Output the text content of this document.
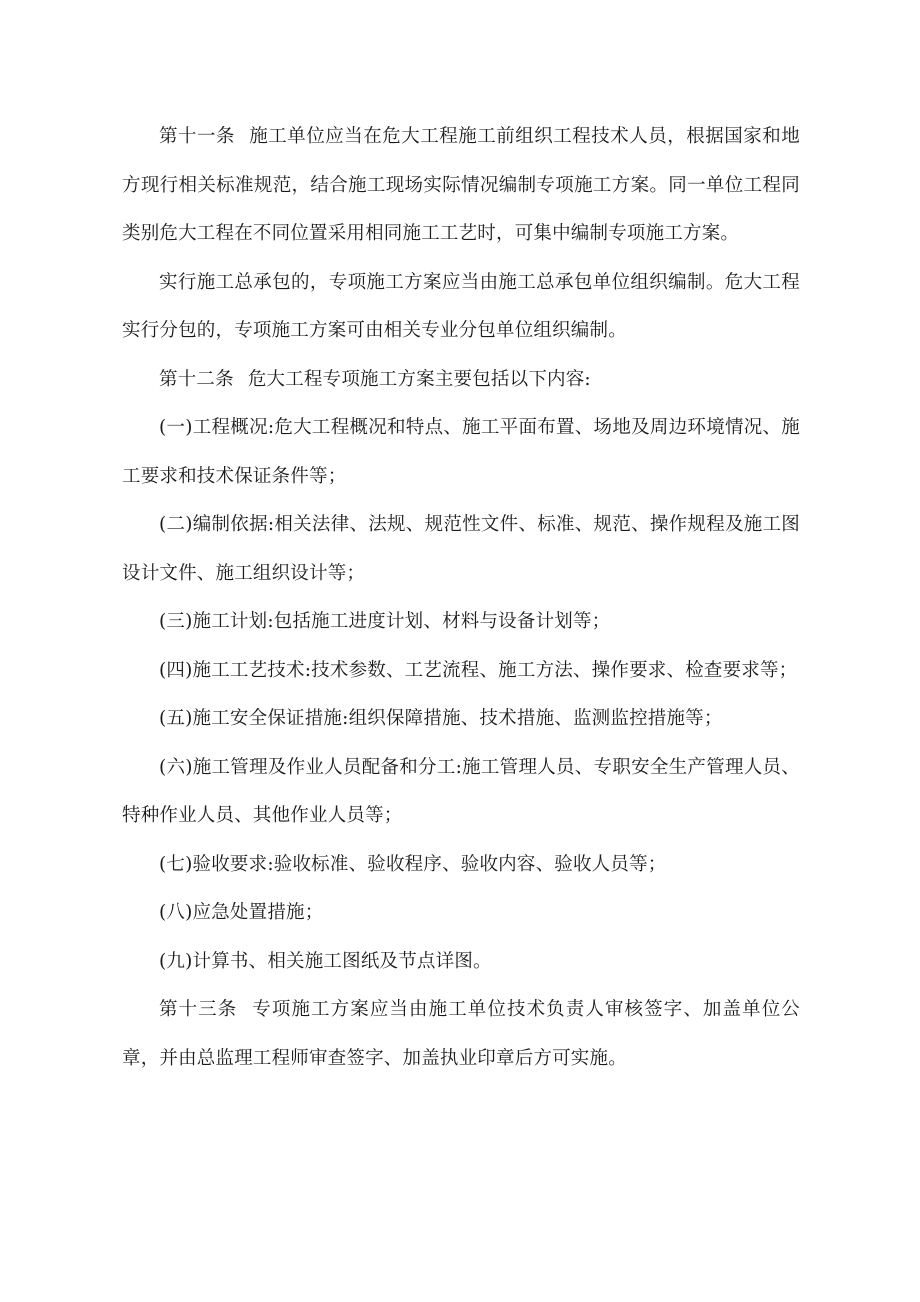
第十一条 施工单位应当在危大工程施工前组织工程技术人员，根据国家和地方现行相关标准规范，结合施工现场实际情况编制专项施工方案。同一单位工程同类别危大工程在不同位置采用相同施工工艺时，可集中编制专项施工方案。

实行施工总承包的，专项施工方案应当由施工总承包单位组织编制。危大工程实行分包的，专项施工方案可由相关专业分包单位组织编制。

第十二条 危大工程专项施工方案主要包括以下内容:

(一)工程概况:危大工程概况和特点、施工平面布置、场地及周边环境情况、施工要求和技术保证条件等；

(二)编制依据:相关法律、法规、规范性文件、标准、规范、操作规程及施工图设计文件、施工组织设计等；

(三)施工计划:包括施工进度计划、材料与设备计划等；

(四)施工工艺技术:技术参数、工艺流程、施工方法、操作要求、检查要求等；

(五)施工安全保证措施:组织保障措施、技术措施、监测监控措施等；

(六)施工管理及作业人员配备和分工:施工管理人员、专职安全生产管理人员、特种作业人员、其他作业人员等；

(七)验收要求:验收标准、验收程序、验收内容、验收人员等；

(八)应急处置措施；

(九)计算书、相关施工图纸及节点详图。

第十三条 专项施工方案应当由施工单位技术负责人审核签字、加盖单位公章，并由总监理工程师审查签字、加盖执业印章后方可实施。
